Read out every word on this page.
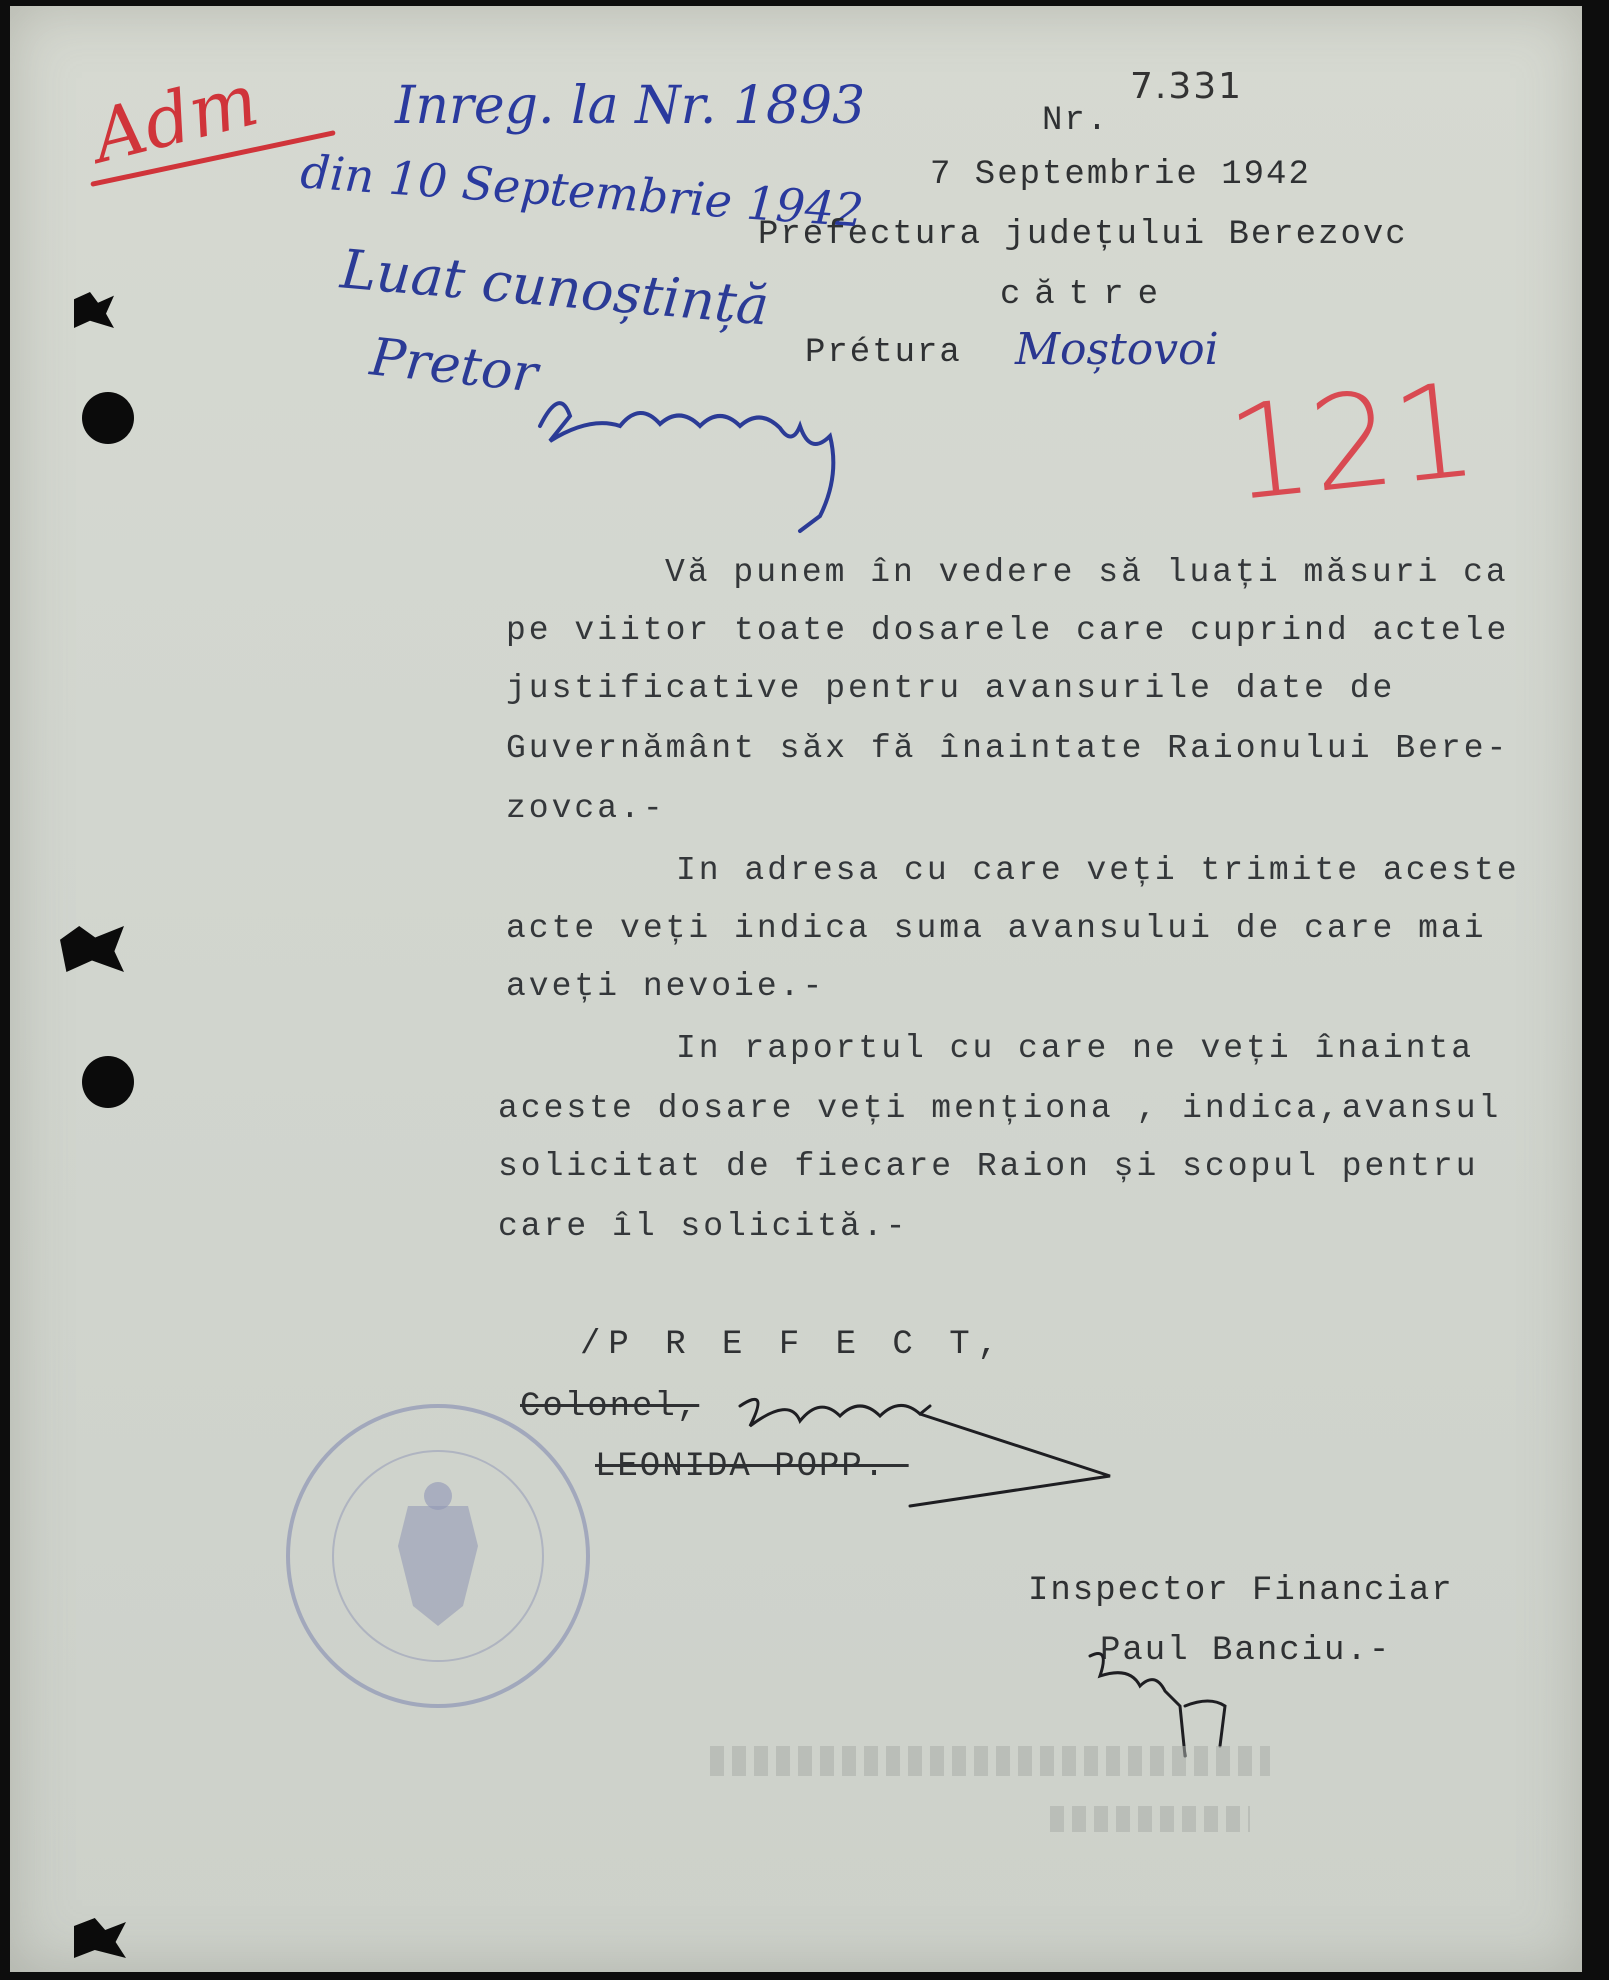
Adm Inreg. la Nr. 1893
din 10 Septembrie 1942
Nr.
7.331
7 Septembrie 1942
Prefectura județului Berezovc
Luat cunoștință
Pretor
către
Prétura Moștovoi
121
Vă punem în vedere să luați măsuri ca
pe viitor toate dosarele care cuprind actele
justificative pentru avansurile date de
Guvernământ săx fă înaintate Raionului Bere-
zovca.-
In adresa cu care veți trimite aceste
acte veți indica suma avansului de care mai
aveți nevoie.-
In raportul cu care ne veți înainta
aceste dosare veți menționa , indica,avansul
solicitat de fiecare Raion și scopul pentru
care îl solicită.-
/P R E F E C T,
Colonel,
LEONIDA POPP.-
Inspector Financiar
Paul Banciu.-
